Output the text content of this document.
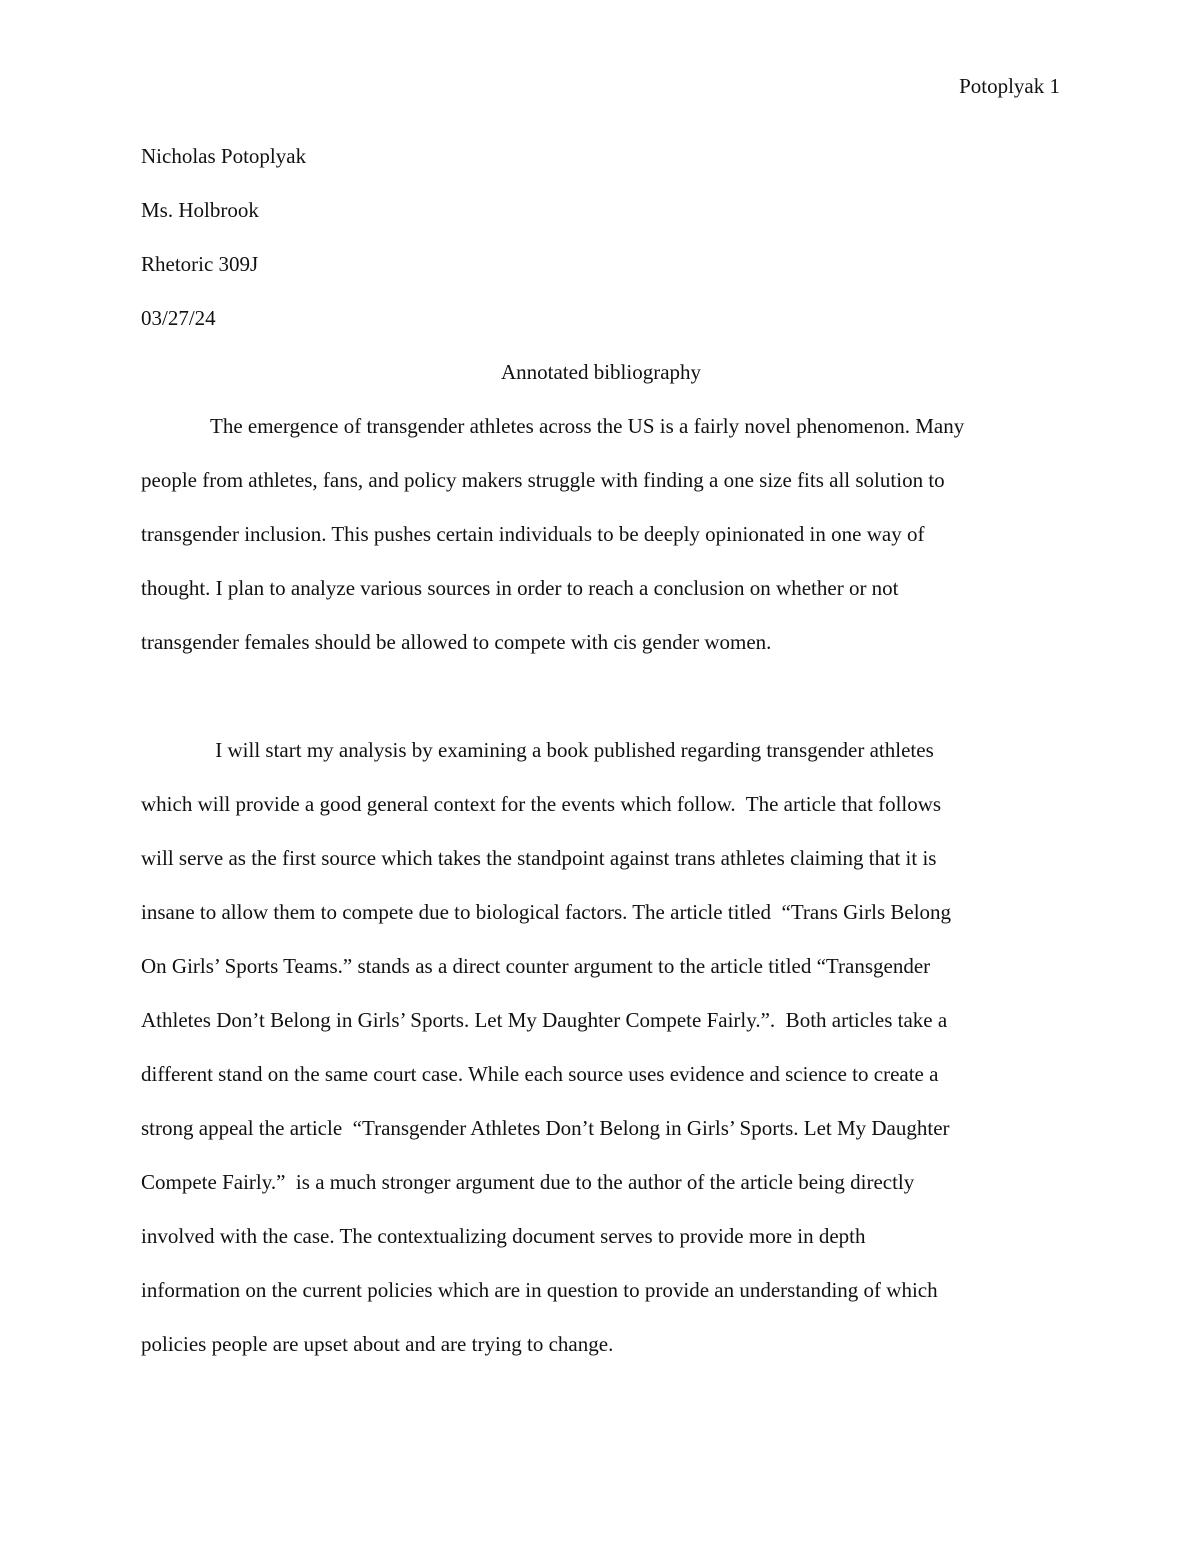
Potoplyak 1
Nicholas Potoplyak
Ms. Holbrook
Rhetoric 309J
03/27/24
Annotated bibliography
The emergence of transgender athletes across the US is a fairly novel phenomenon. Many
people from athletes, fans, and policy makers struggle with finding a one size fits all solution to
transgender inclusion. This pushes certain individuals to be deeply opinionated in one way of
thought. I plan to analyze various sources in order to reach a conclusion on whether or not
transgender females should be allowed to compete with cis gender women.
I will start my analysis by examining a book published regarding transgender athletes
which will provide a good general context for the events which follow.  The article that follows
will serve as the first source which takes the standpoint against trans athletes claiming that it is
insane to allow them to compete due to biological factors. The article titled  “Trans Girls Belong
On Girls’ Sports Teams.” stands as a direct counter argument to the article titled “Transgender
Athletes Don’t Belong in Girls’ Sports. Let My Daughter Compete Fairly.”.  Both articles take a
different stand on the same court case. While each source uses evidence and science to create a
strong appeal the article  “Transgender Athletes Don’t Belong in Girls’ Sports. Let My Daughter
Compete Fairly.”  is a much stronger argument due to the author of the article being directly
involved with the case. The contextualizing document serves to provide more in depth
information on the current policies which are in question to provide an understanding of which
policies people are upset about and are trying to change.
